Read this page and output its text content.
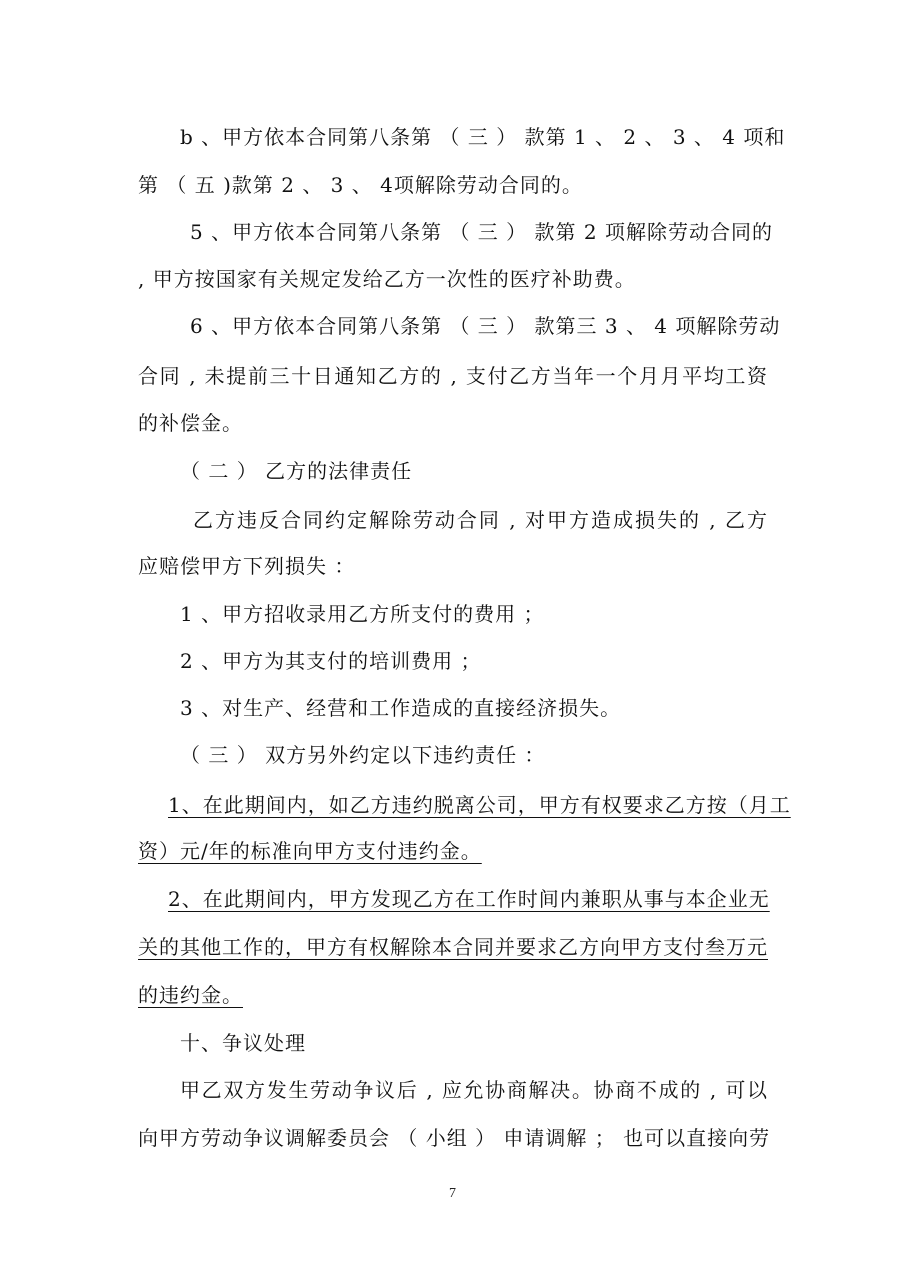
b 、甲方依本合同第八条第 （ 三 ） 款第 1 、 2 、 3 、 4 项和
第 （ 五 )款第 2 、 3 、 4项解除劳动合同的。
5 、甲方依本合同第八条第 （ 三 ） 款第 2 项解除劳动合同的
, 甲方按国家有关规定发给乙方一次性的医疗补助费。
6 、甲方依本合同第八条第 （ 三 ） 款第三 3 、 4 项解除劳动
合同 , 未提前三十日通知乙方的 , 支付乙方当年一个月月平均工资
的补偿金。
（ 二 ） 乙方的法律责任
乙方违反合同约定解除劳动合同 , 对甲方造成损失的 , 乙方
应赔偿甲方下列损失 ：
1 、甲方招收录用乙方所支付的费用 ；
2 、甲方为其支付的培训费用 ；
3 、对生产、经营和工作造成的直接经济损失。
（ 三 ） 双方另外约定以下违约责任 ：
1、在此期间内，如乙方违约脱离公司，甲方有权要求乙方按（月工
资）元/年的标准向甲方支付违约金。
2、在此期间内，甲方发现乙方在工作时间内兼职从事与本企业无
关的其他工作的，甲方有权解除本合同并要求乙方向甲方支付叁万元
的违约金。
十、争议处理
甲乙双方发生劳动争议后 , 应允协商解决。协商不成的 , 可以
向甲方劳动争议调解委员会 （ 小组 ） 申请调解 ； 也可以直接向劳
7
